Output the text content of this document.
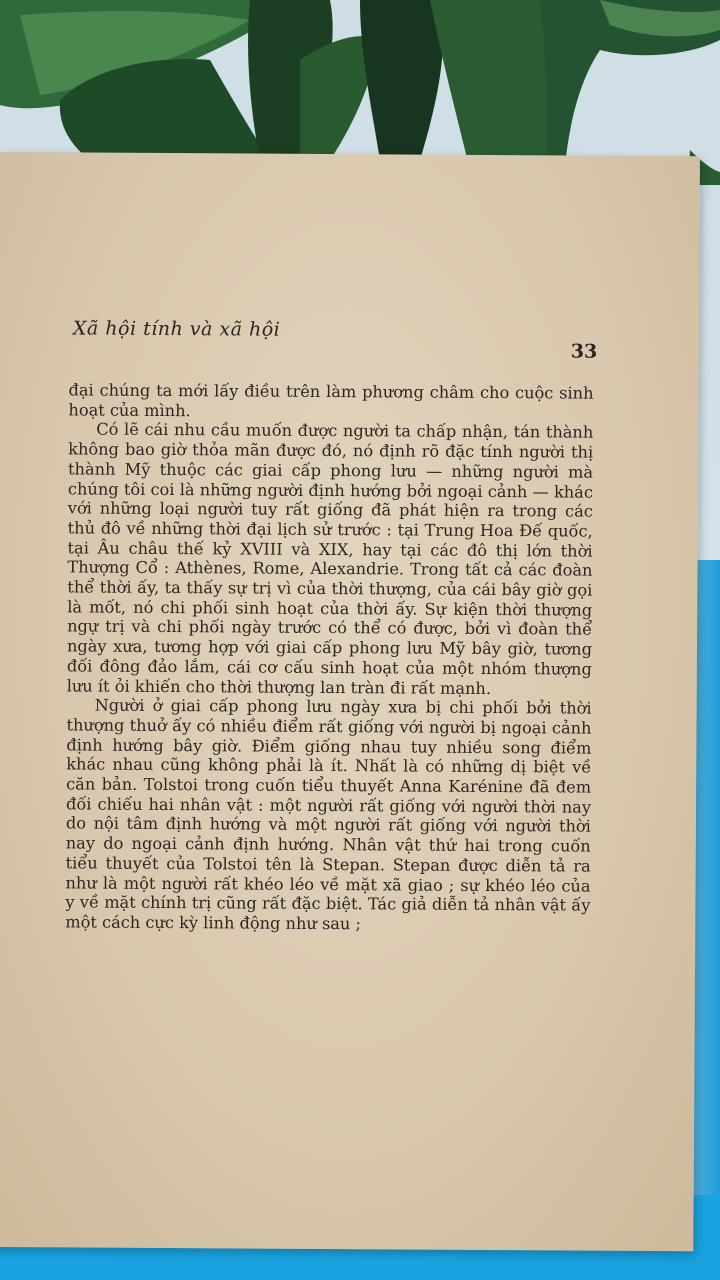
Xã hội tính và xã hội
33

đại chúng ta mới lấy điều trên làm phương châm cho cuộc sinh hoạt của mình.

Có lẽ cái nhu cầu muốn được người ta chấp nhận, tán thành không bao giờ thỏa mãn được đó, nó định rõ đặc tính người thị thành Mỹ thuộc các giai cấp phong lưu — những người mà chúng tôi coi là những người định hướng bởi ngoại cảnh — khác với những loại người tuy rất giống đã phát hiện ra trong các thủ đô về những thời đại lịch sử trước : tại Trung Hoa Đế quốc, tại Âu châu thế kỷ XVIII và XIX, hay tại các đô thị lớn thời Thượng Cổ : Athènes, Rome, Alexandrie. Trong tất cả các đoàn thể thời ấy, ta thấy sự trị vì của thời thượng, của cái bây giờ gọi là mốt, nó chi phối sinh hoạt của thời ấy. Sự kiện thời thượng ngự trị và chi phối ngày trước có thể có được, bởi vì đoàn thể ngày xưa, tương hợp với giai cấp phong lưu Mỹ bây giờ, tương đối đông đảo lắm, cái cơ cấu sinh hoạt của một nhóm thượng lưu ít ỏi khiến cho thời thượng lan tràn đi rất mạnh.

Người ở giai cấp phong lưu ngày xưa bị chi phối bởi thời thượng thuở ấy có nhiều điểm rất giống với người bị ngoại cảnh định hướng bây giờ. Điểm giống nhau tuy nhiều song điểm khác nhau cũng không phải là ít. Nhất là có những dị biệt về căn bản. Tolstoi trong cuốn tiểu thuyết Anna Karénine đã đem đối chiếu hai nhân vật : một người rất giống với người thời nay do nội tâm định hướng và một người rất giống với người thời nay do ngoại cảnh định hướng. Nhân vật thứ hai trong cuốn tiểu thuyết của Tolstoi tên là Stepan. Stepan được diễn tả ra như là một người rất khéo léo về mặt xã giao ; sự khéo léo của y về mặt chính trị cũng rất đặc biệt. Tác giả diễn tả nhân vật ấy một cách cực kỳ linh động như sau ;
